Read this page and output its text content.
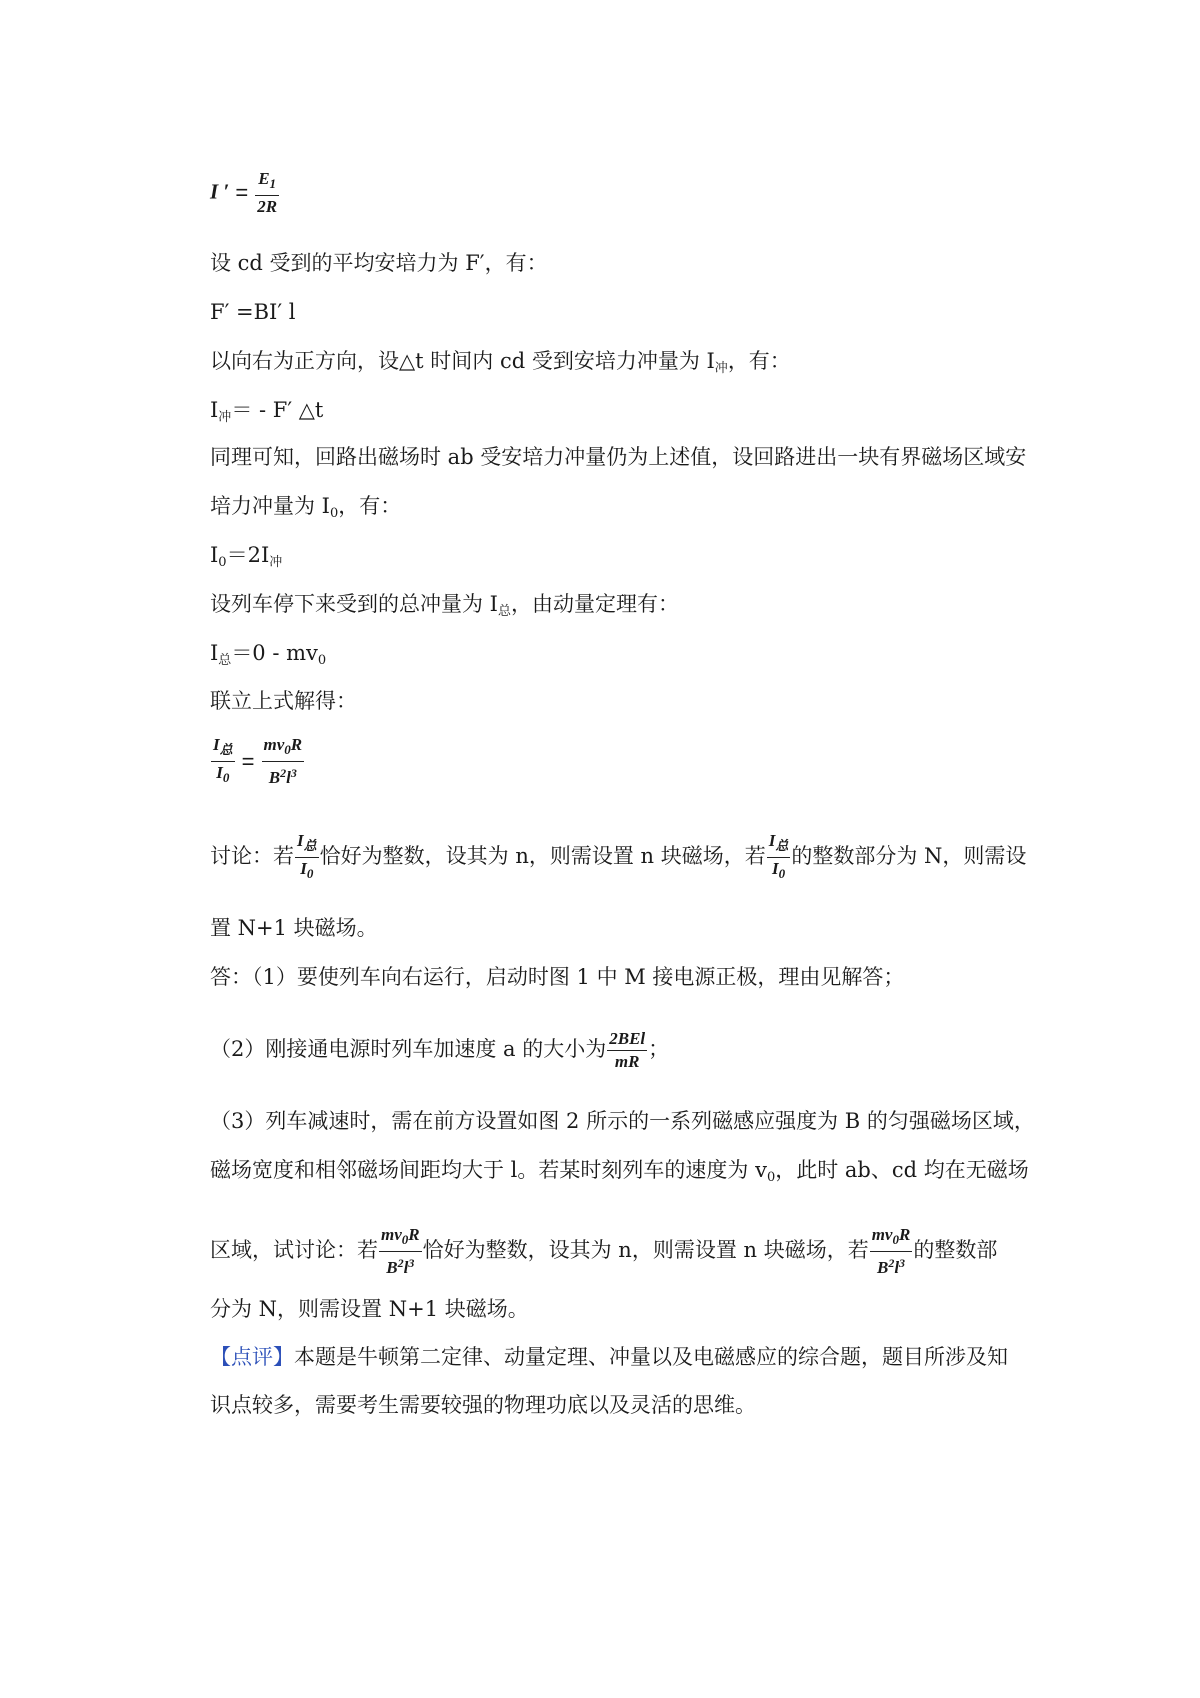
I ′ = $\frac{E_1}{2R}$
设 cd 受到的平均安培力为 F′，有：
F′ =BI′ l
以向右为正方向，设△t 时间内 cd 受到安培力冲量为 $I_冲$，有：
$I_冲= - F'$ △t
同理可知，回路出磁场时 ab 受安培力冲量仍为上述值，设回路进出一块有界磁场区域安
培力冲量为 $I_0$，有：
$I_0=2I_冲$
设列车停下来受到的总冲量为 $I_总$，由动量定理有：
$I_总=0 - mv_0$
联立上式解得：
$\frac{I_总}{I_0} = \frac{mv_0R}{B^2l^3}$
讨论：若 $\frac{I_总}{I_0}$ 恰好为整数，设其为 n，则需设置 n 块磁场，若 $\frac{I_总}{I_0}$ 的整数部分为 N，则需设
置 N+1 块磁场。
答：（1）要使列车向右运行，启动时图 1 中 M 接电源正极，理由见解答；
（2）刚接通电源时列车加速度 a 的大小为 $\frac{\text{2BEl}}{mR}$ ；
（3）列车减速时，需在前方设置如图 2 所示的一系列磁感应强度为 B 的匀强磁场区域，
磁场宽度和相邻磁场间距均大于 l。若某时刻列车的速度为 $v_0$，此时 ab、cd 均在无磁场
区域，试讨论：若 $\frac{mv_0R}{B^2l^3}$ 恰好为整数，设其为 n，则需设置 n 块磁场，若 $\frac{mv_0R}{B^2l^3}$ 的整数部
分为 N，则需设置 N+1 块磁场。
【点评】本题是牛顿第二定律、动量定理、冲量以及电磁感应的综合题，题目所涉及知
识点较多，需要考生需要较强的物理功底以及灵活的思维。
